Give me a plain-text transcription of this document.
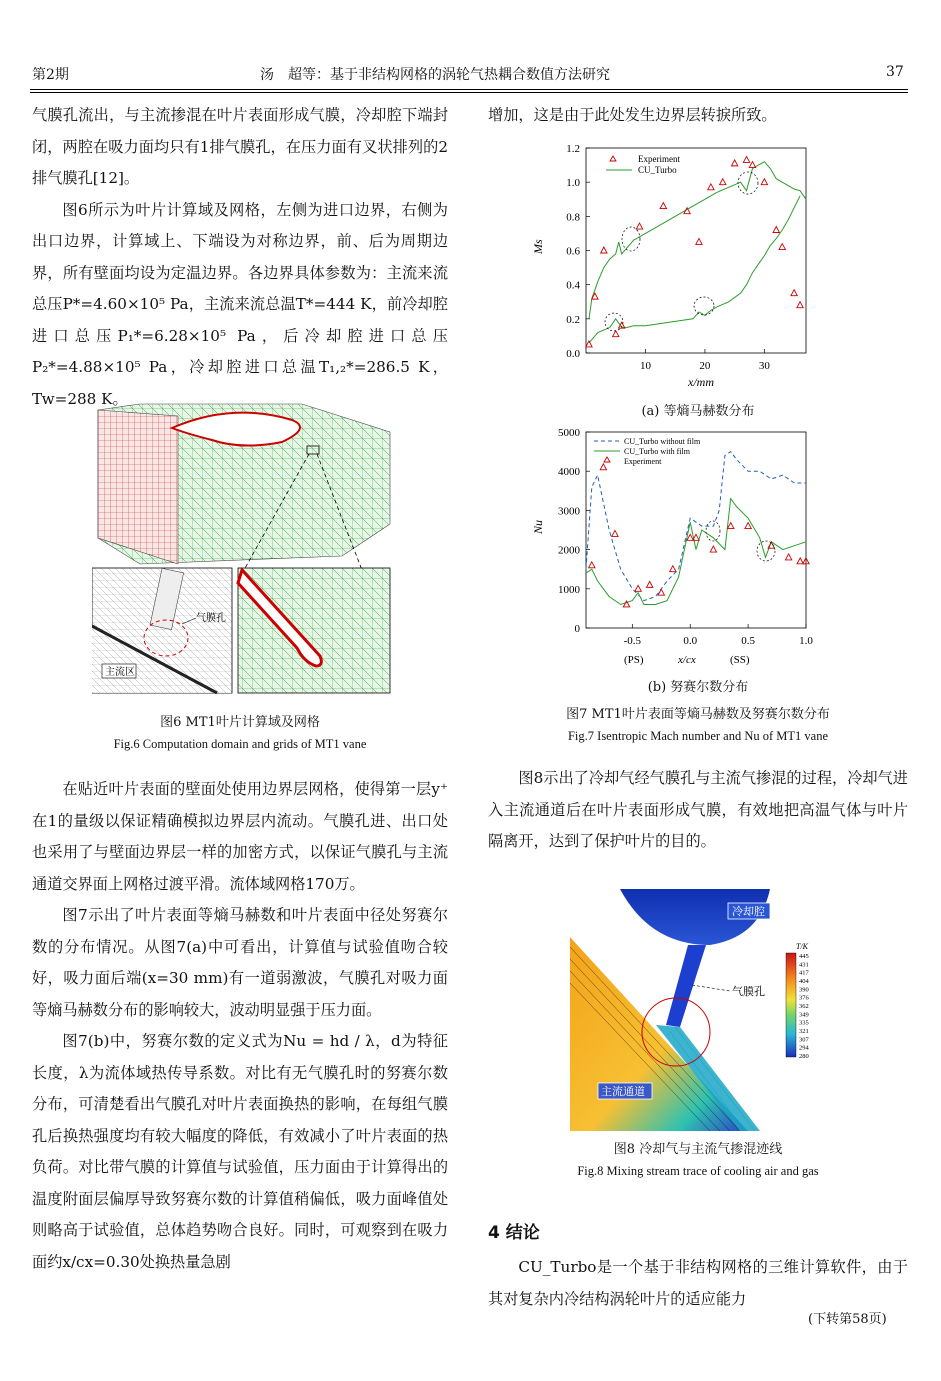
第2期	汤　超等：基于非结构网格的涡轮气热耦合数值方法研究	37

气膜孔流出，与主流掺混在叶片表面形成气膜，冷却腔下端封闭，两腔在吸力面均只有1排气膜孔，在压力面有叉状排列的2排气膜孔[12]。

图6所示为叶片计算域及网格，左侧为进口边界，右侧为出口边界，计算域上、下端设为对称边界，前、后为周期边界，所有壁面均设为定温边界。各边界具体参数为：主流来流总压P*=4.60×10⁵ Pa，主流来流总温T*=444 K，前冷却腔进口总压P₁*=6.28×10⁵ Pa，后冷却腔进口总压P₂*=4.88×10⁵ Pa，冷却腔进口总温T₁,₂*=286.5 K，Tw=288 K。

气膜孔
主流区
图6 MT1叶片计算域及网格
Fig.6 Computation domain and grids of MT1 vane

在贴近叶片表面的壁面处使用边界层网格，使得第一层y⁺在1的量级以保证精确模拟边界层内流动。气膜孔进、出口处也采用了与壁面边界层一样的加密方式，以保证气膜孔与主流通道交界面上网格过渡平滑。流体域网格170万。

图7示出了叶片表面等熵马赫数和叶片表面中径处努赛尔数的分布情况。从图7(a)中可看出，计算值与试验值吻合较好，吸力面后端(x=30 mm)有一道弱激波，气膜孔对吸力面等熵马赫数分布的影响较大，波动明显强于压力面。

图7(b)中，努赛尔数的定义式为Nu = hd / λ，d为特征长度，λ为流体域热传导系数。对比有无气膜孔时的努赛尔数分布，可清楚看出气膜孔对叶片表面换热的影响，在每组气膜孔后换热强度均有较大幅度的降低，有效减小了叶片表面的热负荷。对比带气膜的计算值与试验值，压力面由于计算得出的温度附面层偏厚导致努赛尔数的计算值稍偏低，吸力面峰值处则略高于试验值，总体趋势吻合良好。同时，可观察到在吸力面约x/cx=0.30处换热量急剧

增加，这是由于此处发生边界层转捩所致。

0.0
0.2
0.4
0.6
0.8
1.0
1.2
10	20	30
Ms
x/mm
Experiment
CU_Turbo
(a) 等熵马赫数分布
0
1000
2000
3000
4000
5000
-0.5	0.0	0.5	1.0
Nu
x/cx
(PS)	(SS)
CU_Turbo without film
CU_Turbo with film
Experiment
(b) 努赛尔数分布
图7 MT1叶片表面等熵马赫数及努赛尔数分布
Fig.7 Isentropic Mach number and Nu of MT1 vane

图8示出了冷却气经气膜孔与主流气掺混的过程，冷却气进入主流通道后在叶片表面形成气膜，有效地把高温气体与叶片隔离开，达到了保护叶片的目的。

冷却腔
气膜孔
主流通道
T/K
445
431
417
404
390
376
362
349
335
321
307
294
280
图8 冷却气与主流气掺混迹线
Fig.8 Mixing stream trace of cooling air and gas
4 结论

CU_Turbo是一个基于非结构网格的三维计算软件，由于其对复杂内冷结构涡轮叶片的适应能力

(下转第58页)
